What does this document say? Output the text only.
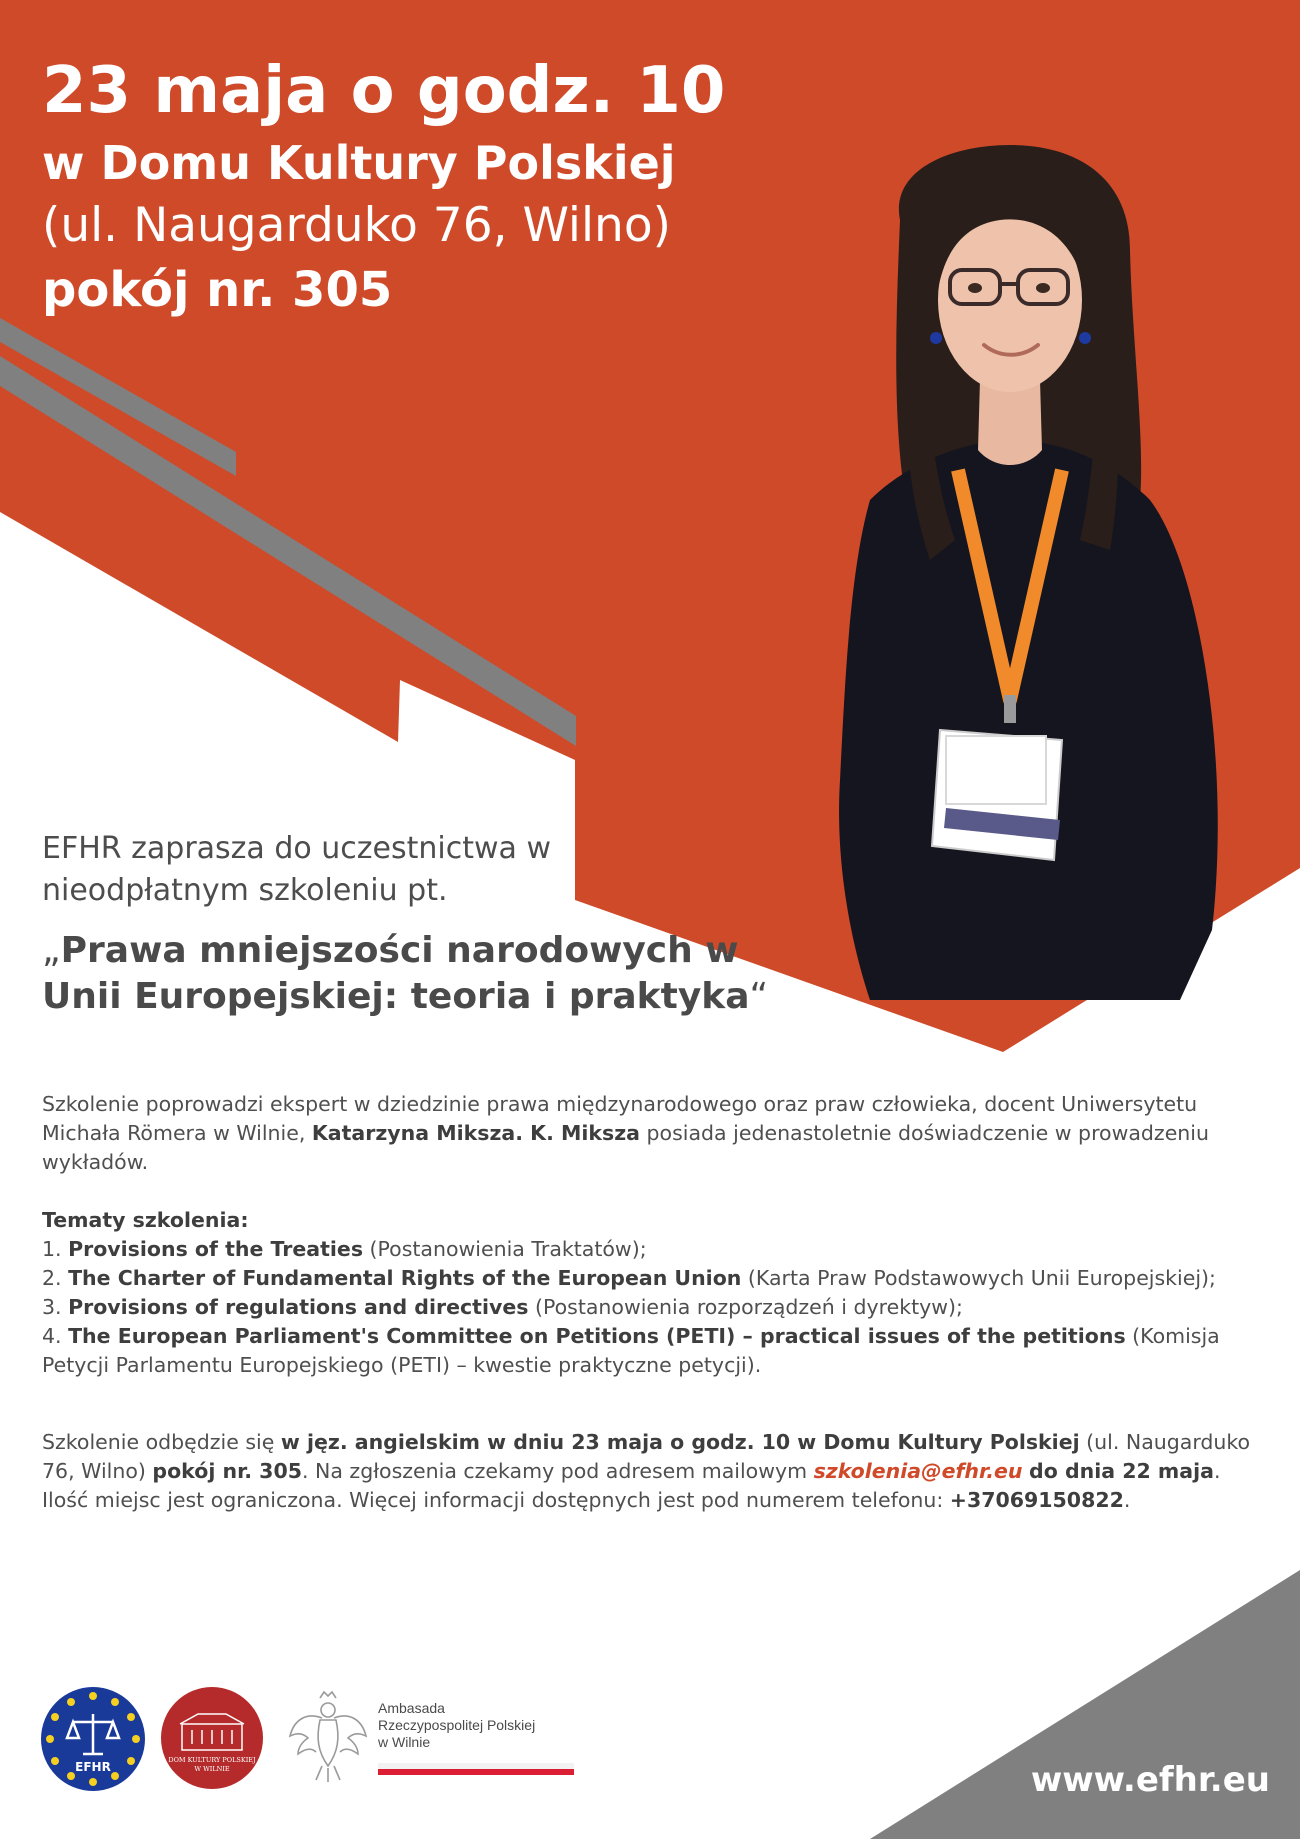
23 maja o godz. 10
w Domu Kultury Polskiej
(ul. Naugarduko 76, Wilno)
pokój nr. 305
EFHR zaprasza do uczestnictwa w
nieodpłatnym szkoleniu pt.
„Prawa mniejszości narodowych w
Unii Europejskiej: teoria i praktyka“
Szkolenie poprowadzi ekspert w dziedzinie prawa międzynarodowego oraz praw człowieka, docent Uniwersytetu Michała Römera w Wilnie, Katarzyna Miksza. K. Miksza posiada jedenastoletnie doświadczenie w prowadzeniu wykładów.
Tematy szkolenia:
1. Provisions of the Treaties (Postanowienia Traktatów);
2. The Charter of Fundamental Rights of the European Union (Karta Praw Podstawowych Unii Europejskiej);
3. Provisions of regulations and directives (Postanowienia rozporządzeń i dyrektyw);
4. The European Parliament's Committee on Petitions (PETI) – practical issues of the petitions (Komisja Petycji Parlamentu Europejskiego (PETI) – kwestie praktyczne petycji).
Szkolenie odbędzie się w jęz. angielskim w dniu 23 maja o godz. 10 w Domu Kultury Polskiej (ul. Naugarduko 76, Wilno) pokój nr. 305. Na zgłoszenia czekamy pod adresem mailowym szkolenia@efhr.eu do dnia 22 maja. Ilość miejsc jest ograniczona. Więcej informacji dostępnych jest pod numerem telefonu: +37069150822.
EFHR	DOM KULTURY POLSKIEJ
W WILNIE
Ambasada
Rzeczypospolitej Polskiej
w Wilnie
www.efhr.eu
